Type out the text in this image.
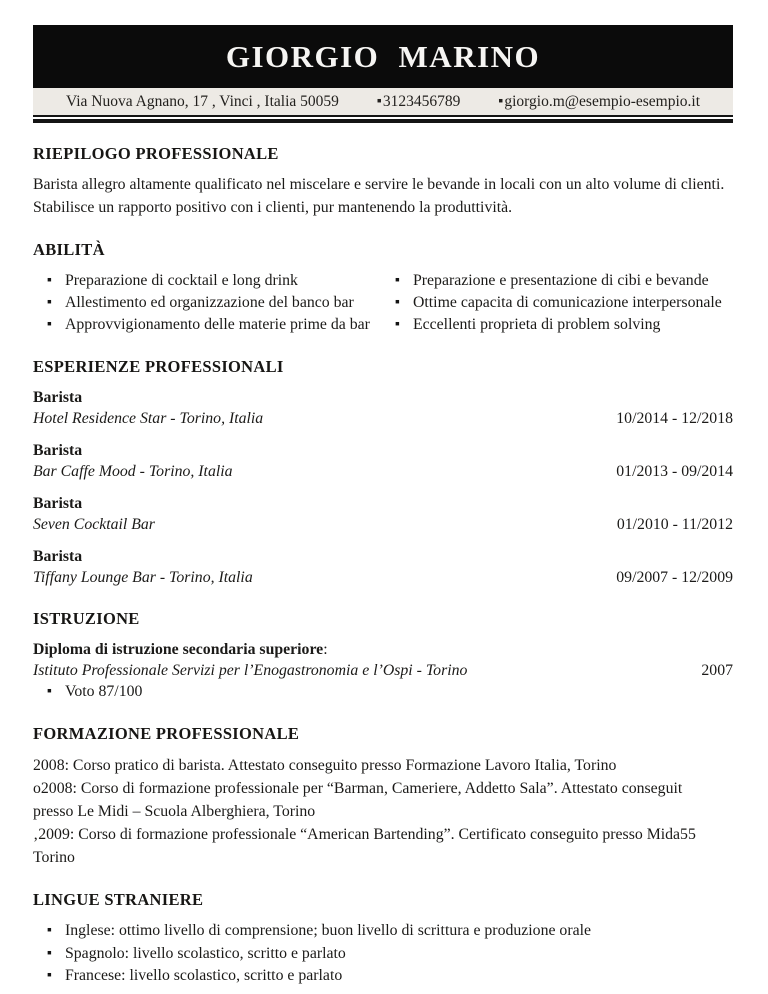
GIORGIO MARINO
Via Nuova Agnano, 17 , Vinci , Italia 50059	▪ 3123456789	▪ giorgio.m@esempio-esempio.it
RIEPILOGO PROFESSIONALE
Barista allegro altamente qualificato nel miscelare e servire le bevande in locali con un alto volume di clienti. Stabilisce un rapporto positivo con i clienti, pur mantenendo la produttività.
ABILITÀ
▪ Preparazione di cocktail e long drink
▪ Allestimento ed organizzazione del banco bar
▪ Approvvigionamento delle materie prime da bar
▪ Preparazione e presentazione di cibi e bevande
▪ Ottime capacita di comunicazione interpersonale
▪ Eccellenti proprieta di problem solving
ESPERIENZE PROFESSIONALI
Barista
Hotel Residence Star - Torino, Italia	10/2014 - 12/2018
Barista
Bar Caffe Mood - Torino, Italia	01/2013 - 09/2014
Barista
Seven Cocktail Bar	01/2010 - 11/2012
Barista
Tiffany Lounge Bar - Torino, Italia	09/2007 - 12/2009
ISTRUZIONE
Diploma di istruzione secondaria superiore:
Istituto Professionale Servizi per l’Enogastronomia e l’Ospi - Torino	2007
▪ Voto 87/100
FORMAZIONE PROFESSIONALE
2008: Corso pratico di barista. Attestato conseguito presso Formazione Lavoro Italia, Torino
o2008: Corso di formazione professionale per “Barman, Cameriere, Addetto Sala”. Attestato conseguit
presso Le Midi – Scuola Alberghiera, Torino
‚2009: Corso di formazione professionale “American Bartending”. Certificato conseguito presso Mida55
Torino
LINGUE STRANIERE
▪ Inglese: ottimo livello di comprensione; buon livello di scrittura e produzione orale
▪ Spagnolo: livello scolastico, scritto e parlato
▪ Francese: livello scolastico, scritto e parlato
